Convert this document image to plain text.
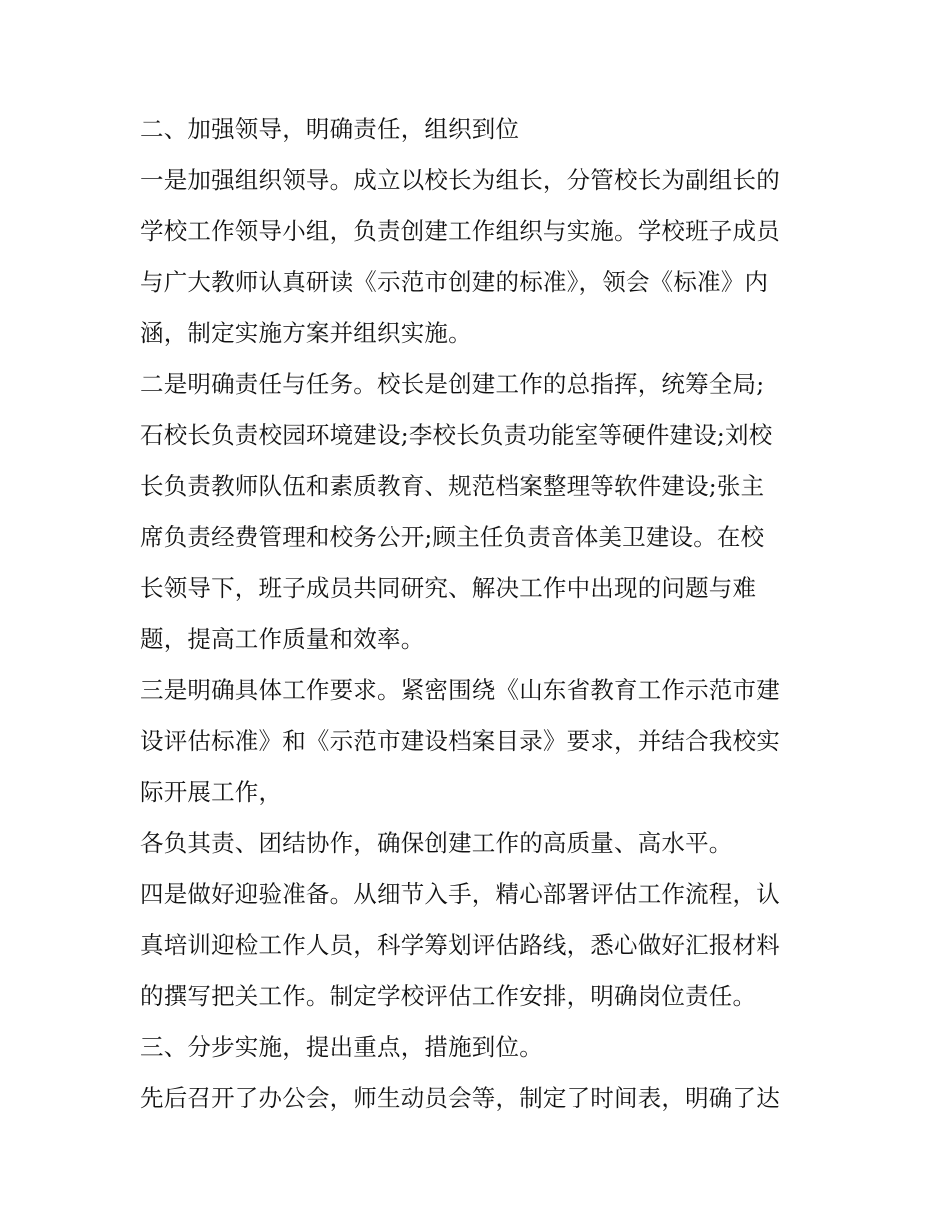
二、加强领导，明确责任，组织到位
一是加强组织领导。成立以校长为组长，分管校长为副组长的
学校工作领导小组，负责创建工作组织与实施。学校班子成员
与广大教师认真研读《示范市创建的标准》，领会《标准》内
涵，制定实施方案并组织实施。
二是明确责任与任务。校长是创建工作的总指挥，统筹全局;
石校长负责校园环境建设;李校长负责功能室等硬件建设;刘校
长负责教师队伍和素质教育、规范档案整理等软件建设;张主
席负责经费管理和校务公开;顾主任负责音体美卫建设。在校
长领导下，班子成员共同研究、解决工作中出现的问题与难
题，提高工作质量和效率。
三是明确具体工作要求。紧密围绕《山东省教育工作示范市建
设评估标准》和《示范市建设档案目录》要求，并结合我校实
际开展工作，
各负其责、团结协作，确保创建工作的高质量、高水平。
四是做好迎验准备。从细节入手，精心部署评估工作流程，认
真培训迎检工作人员，科学筹划评估路线，悉心做好汇报材料
的撰写把关工作。制定学校评估工作安排，明确岗位责任。
三、分步实施，提出重点，措施到位。
先后召开了办公会，师生动员会等，制定了时间表，明确了达
